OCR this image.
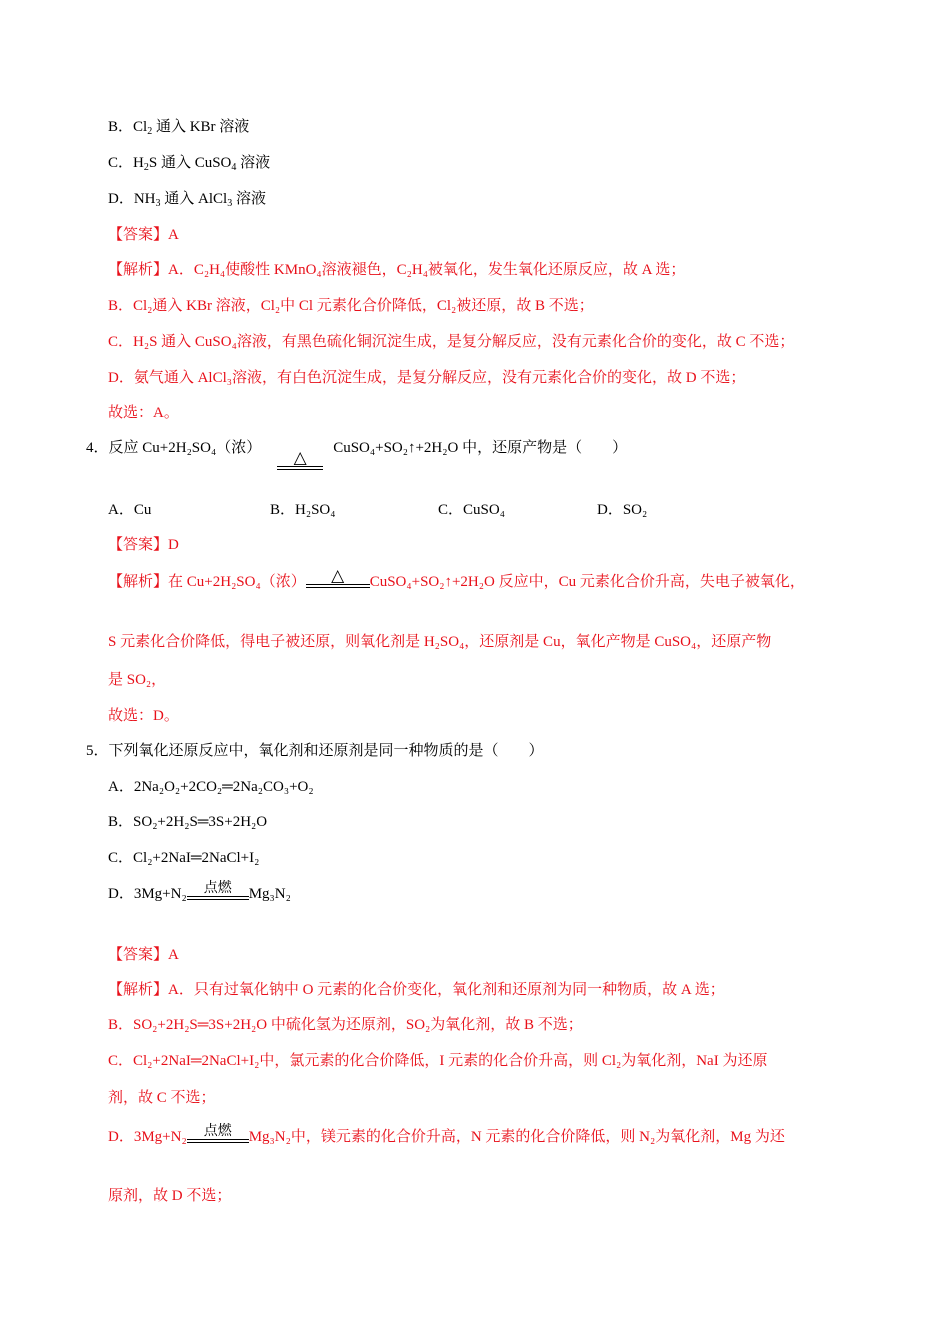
B．$Cl_2$ 通入 KBr 溶液
C．$H_2S$ 通入 CuSO$_4$ 溶液
D．$NH_3$ 通入 AlCl$_3$ 溶液
【答案】A
【解析】A．C₂H₄使酸性 KMnO₄溶液褪色，C₂H₄被氧化，发生氧化还原反应，故 A 选；
B．Cl₂通入 KBr 溶液，Cl₂中 Cl 元素化合价降低，Cl₂被还原，故 B 不选；
C．H₂S 通入 CuSO₄溶液，有黑色硫化铜沉淀生成，是复分解反应，没有元素化合价的变化，故 C 不选；
D．氨气通入 AlCl₃溶液，有白色沉淀生成，是复分解反应，没有元素化合价的变化，故 D 不选；
故选：A。
4．反应 Cu+2H₂SO₄（浓）	△	CuSO₄+SO₂↑+2H₂O 中，还原产物是（　　）
A．Cu	B．H₂SO₄	C．CuSO₄	D．SO₂
【答案】D
【解析】在 Cu+2H₂SO₄（浓）	△	CuSO₄+SO₂↑+2H₂O 反应中，Cu 元素化合价升高，失电子被氧化，
S 元素化合价降低，得电子被还原，则氧化剂是 H₂SO₄，还原剂是 Cu，氧化产物是 CuSO₄，还原产物
是 SO₂，
故选：D。
5．下列氧化还原反应中，氧化剂和还原剂是同一种物质的是（　　）
A．2Na₂O₂+2CO₂═2Na₂CO₃+O₂
B．SO₂+2H₂S═3S+2H₂O
C．Cl₂+2NaI═2NaCl+I₂
D．3Mg+N₂	点燃	Mg₃N₂
【答案】A
【解析】A．只有过氧化钠中 O 元素的化合价变化，氧化剂和还原剂为同一种物质，故 A 选；
B．SO₂+2H₂S═3S+2H₂O 中硫化氢为还原剂，SO₂为氧化剂，故 B 不选；
C．Cl₂+2NaI═2NaCl+I₂中，氯元素的化合价降低，I 元素的化合价升高，则 Cl₂为氧化剂，NaI 为还原
剂，故 C 不选；
D．3Mg+N₂	点燃	Mg₃N₂中，镁元素的化合价升高，N 元素的化合价降低，则 N₂为氧化剂，Mg 为还
原剂，故 D 不选；
